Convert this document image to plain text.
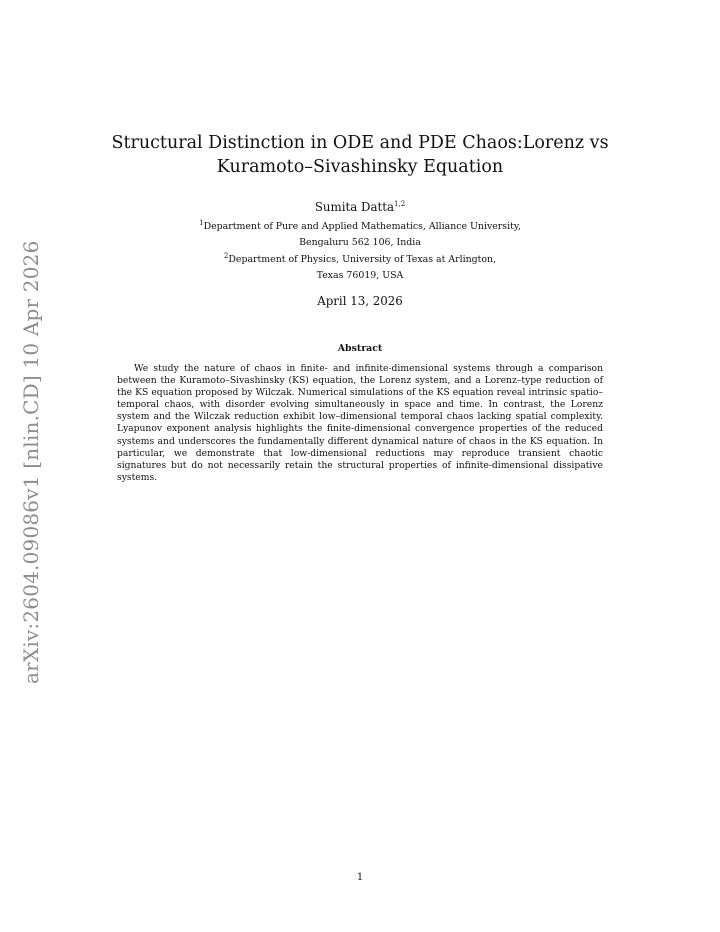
arXiv:2604.09086v1 [nlin.CD] 10 Apr 2026
Structural Distinction in ODE and PDE Chaos:Lorenz vs
Kuramoto–Sivashinsky Equation
Sumita Datta$^{1,2}$
$^1$Department of Pure and Applied Mathematics, Alliance University,
Bengaluru 562 106, India
$^2$Department of Physics, University of Texas at Arlington,
Texas 76019, USA
April 13, 2026
Abstract
We study the nature of chaos in finite- and infinite-dimensional systems through a comparison between the Kuramoto–Sivashinsky (KS) equation, the Lorenz system, and a Lorenz–type reduction of the KS equation proposed by Wilczak. Numerical simulations of the KS equation reveal intrinsic spatio–temporal chaos, with disorder evolving simultaneously in space and time. In contrast, the Lorenz system and the Wilczak reduction exhibit low–dimensional temporal chaos lacking spatial complexity. Lyapunov exponent analysis highlights the finite-dimensional convergence properties of the reduced systems and underscores the fundamentally different dynamical nature of chaos in the KS equation. In particular, we demonstrate that low-dimensional reductions may reproduce transient chaotic signatures but do not necessarily retain the structural properties of infinite-dimensional dissipative systems.
1
